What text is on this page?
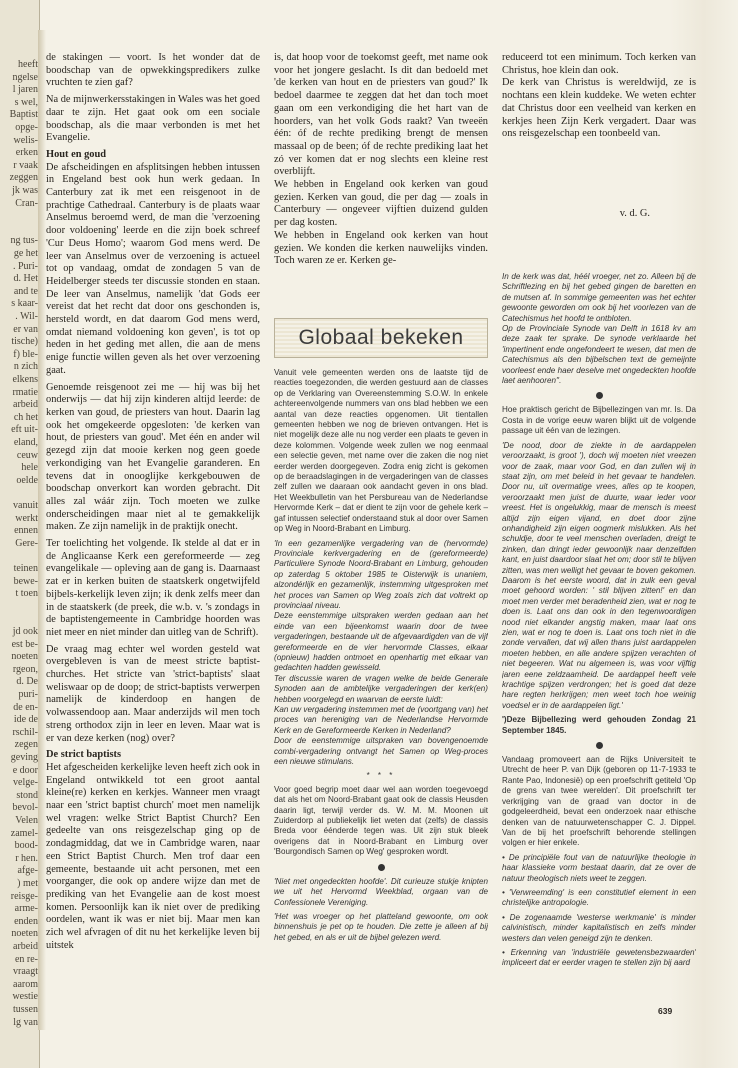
heeft
ngelse
l jaren
s wel,
Baptist
opge-
welis-
erken
r vaak
zeggen
jk was
Cran-
ng tus-
ge het
. Puri-
d. Het
and te
s kaar-
. Wil-
er van
tische)
f) ble-
n zich
elkens
rmatie
arbeid
ch het
eft uit-
eland,
ceuw
hele
oelde
vanuit
werkt
ennen
Gere-
teinen
bewe-
t toen
jd ook
est be-
noeten
rgeon,
d. De
puri-
de en-
ide de
rschil-
zegen
geving
e door
velge-
stond
bevol-
Velen
zamel-
bood-
r hen.
afge-
) met
reisge-
arme-
enden
noeten
arbeid
en re-
vraagt
aarom
westie
tussen
lg van

de stakingen — voort. Is het wonder dat de boodschap van de opwekkingspredikers zulke vruchten te zien gaf?

Na de mijnwerkersstakingen in Wales was het goed daar te zijn. Het gaat ook om een sociale boodschap, als die maar verbonden is met het Evangelie.

Hout en goud

De afscheidingen en afsplitsingen hebben intussen in Engeland best ook hun werk gedaan. In Canterbury zat ik met een reisgenoot in de prachtige Cathedraal. Canterbury is de plaats waar Anselmus beroemd werd, de man die 'verzoening door voldoening' leerde en die zijn boek schreef 'Cur Deus Homo'; waarom God mens werd. De leer van Anselmus over de verzoening is actueel tot op vandaag, omdat de zondagen 5 van de Heidelberger steeds ter discussie stonden en staan. De leer van Anselmus, namelijk 'dat Gods eer vereist dat het recht dat door ons geschonden is, hersteld wordt, en dat daarom God mens werd, omdat niemand voldoening kon geven', is tot op heden in het geding met allen, die aan de mens enige functie willen geven als het over verzoening gaat.

Genoemde reisgenoot zei me — hij was bij het onderwijs — dat hij zijn kinderen altijd leerde: de kerken van goud, de priesters van hout. Daarin lag ook het omgekeerde opgesloten: 'de kerken van hout, de priesters van goud'. Met één en ander wil gezegd zijn dat mooie kerken nog geen goede verkondiging van het Evangelie garanderen. En tevens dat in onooglijke kerkgebouwen de boodschap onverkort kan worden gebracht. Dit alles zal wáár zijn. Toch moeten we zulke onderscheidingen maar niet al te gemakkelijk maken. Ze zijn namelijk in de praktijk onecht.

Ter toelichting het volgende. Ik stelde al dat er in de Anglicaanse Kerk een gereformeerde — zeg evangelikale — opleving aan de gang is. Daarnaast zat er in kerken buiten de staatskerk ongetwijfeld bijbels-kerkelijk leven zijn; ik denk zelfs meer dan in de staatskerk (de preek, die w.b. v. 's zondags in de baptistengemeente in Cambridge hoorden was niet meer en niet minder dan uitleg van de Schrift).

De vraag mag echter wel worden gesteld wat overgebleven is van de meest stricte baptist-churches. Het stricte van 'strict-baptists' slaat weliswaar op de doop; de strict-baptists verwerpen namelijk de kinderdoop en hangen de volwassendoop aan. Maar anderzijds wil men toch streng orthodox zijn in leer en leven. Maar wat is er van deze kerken (nog) over?

De strict baptists

Het afgescheiden kerkelijke leven heeft zich ook in Engeland ontwikkeld tot een groot aantal kleine(re) kerken en kerkjes. Wanneer men vraagt naar een 'strict baptist church' moet men namelijk wel vragen: welke Strict Baptist Church? Een gedeelte van ons reisgezelschap ging op de zondagmiddag, dat we in Cambridge waren, naar een Strict Baptist Church. Men trof daar een gemeente, bestaande uit acht personen, met een voorganger, die ook op andere wijze dan met de prediking van het Evangelie aan de kost moest komen. Persoonlijk kan ik niet over de prediking oordelen, want ik was er niet bij. Maar men kan zich wel afvragen of dit nu het kerkelijke leven bij uitstek

is, dat hoop voor de toekomst geeft, met name ook voor het jongere geslacht. Is dit dan bedoeld met 'de kerken van hout en de priesters van goud?' Ik bedoel daarmee te zeggen dat het dan toch moet gaan om een verkondiging die het hart van de hoorders, van het volk Gods raakt? Van tweeën één: óf de rechte prediking brengt de mensen massaal op de been; óf de rechte prediking laat het zó ver komen dat er nog slechts een kleine rest overblijft.
We hebben in Engeland ook kerken van goud gezien. Kerken van goud, die per dag — zoals in Canterbury — ongeveer vijftien duizend gulden per dag kosten.
We hebben in Engeland ook kerken van hout gezien. We konden die kerken nauwelijks vinden. Toch waren ze er. Kerken ge-
reduceerd tot een minimum. Toch kerken van Christus, hoe klein dan ook.
De kerk van Christus is wereldwijd, ze is nochtans een klein kuddeke. We weten echter dat Christus door een veelheid van kerken en kerkjes heen Zijn Kerk vergadert. Daar was ons reisgezelschap een toonbeeld van.
v. d. G.
Globaal bekeken

Vanuit vele gemeenten werden ons de laatste tijd de reacties toegezonden, die werden gestuurd aan de classes op de Verklaring van Overeenstemming S.O.W. In enkele achtereenvolgende nummers van ons blad hebben we een aantal van deze reacties opgenomen. Uit tientallen gemeenten hebben we nog de brieven ontvangen. Het is niet mogelijk deze alle nu nog verder een plaats te geven in deze kolommen. Volgende week zullen we nog eenmaal een selectie geven, met name over die zaken die nog niet eerder werden doorgegeven. Zodra enig zicht is gekomen op de beraadslagingen in de vergaderingen van de classes zelf zullen we daaraan ook aandacht geven in ons blad. Het Weekbulletin van het Persbureau van de Nederlandse Hervormde Kerk – dat er dient te zijn voor de gehele kerk – gaf intussen selectief onderstaand stuk al door over Samen op Weg in Noord-Brabant en Limburg.

'In een gezamenlijke vergadering van de (hervormde) Provinciale kerkvergadering en de (gereformeerde) Particuliere Synode Noord-Brabant en Limburg, gehouden op zaterdag 5 oktober 1985 te Oisterwijk is unaniem, alzondérlijk en gezamenlijk, instemming uitgesproken met het proces van Samen op Weg zoals zich dat voltrekt op provinciaal niveau.
Deze eenstemmige uitspraken werden gedaan aan het einde van een bijeenkomst waarin door de twee vergaderingen, bestaande uit de afgevaardigden van de vijf gereformeerde en de vier hervormde Classes, elkaar (opnieuw) hadden ontmoet en openhartig met elkaar van gedachten hadden gewisseld.
Ter discussie waren de vragen welke de beide Generale Synoden aan de ambtelijke vergaderingen der kerk(en) hebben voorgelegd en waarvan de eerste luidt:
Kan uw vergadering instemmen met de (voortgang van) het proces van hereniging van de Nederlandse Hervormde Kerk en de Gereformeerde Kerken in Nederland?
Door de eenstemmige uitspraken van bovengenoemde combi-vergadering ontvangt het Samen op Weg-proces een nieuwe stimulans.

* * *

Voor goed begrip moet daar wel aan worden toegevoegd dat als het om Noord-Brabant gaat ook de classis Heusden daarin ligt, terwijl verder ds. W. M. M. Moonen uit Zuiderdorp al publiekelijk liet weten dat (zelfs) de classis Breda voor éénderde tegen was. Uit zijn stuk bleek overigens dat in Noord-Brabant en Limburg over 'Bourgondisch Samen op Weg' gesproken wordt.

'Niet met ongedeckten hoofde'. Dit curieuze stukje knipten we uit het Hervormd Weekblad, orgaan van de Confessionele Vereniging.

'Het was vroeger op het platteland gewoonte, om ook binnenshuis je pet op te houden. Die zette je alleen af bij het gebed, en als er uit de bijbel gelezen werd.

In de kerk was dat, héél vroeger, net zo. Alleen bij de Schriftlezing en bij het gebed gingen de baretten en de mutsen af. In sommige gemeenten was het echter gewoonte geworden om ook bij het voorlezen van de Catechismus het hoofd te ontbloten.
Op de Provinciale Synode van Delft in 1618 kv am deze zaak ter sprake. De synode verklaarde het 'impertinent ende ongefondeert te wesen, dat men de Catechismus als den bijbelschen text de gemeijnte voorleest ende haer deselve met ongedeckten hoofde laet aenhooren''.

Hoe praktisch gericht de Bijbellezingen van mr. Is. Da Costa in de vorige eeuw waren blijkt uit de volgende passage uit één van de lezingen.

'De nood, door de ziekte in de aardappelen veroorzaakt, is groot '), doch wij moeten niet vreezen voor de zaak, maar voor God, en dan zullen wij in staat zijn, om met beleid in het gevaar te handelen. Door nu, uit overmatige vrees, alles op te koopen, veroorzaakt men juist de duurte, waar ieder voor vreest. Het is ongelukkig, maar de mensch is meest altijd zijn eigen vijand, en doet door zijne onhandigheid zijn eigen oogmerk mislukken. Als het schuldje, door te veel menschen overladen, dreigt te zinken, dan dringt ieder gewoonlijk naar denzelfden kant, en juist daardoor slaat het om; door stil te blijven zitten, was men welligt het gevaar te boven gekomen. Daarom is het eerste woord, dat in zulk een geval moet gehoord worden: ' stil blijven zitten!' en dan moet men verder met beradenheid zien, wat er nog te doen is. Laat ons dan ook in den tegenwoordigen nood niet elkander angstig maken, maar laat ons zien, wat er nog te doen is. Laat ons toch niet in die zonde vervallen, dat wij allen thans juist aardappelen moeten hebben, en alle andere spijzen verachten of niet begeeren. Wat nu algemeen is, was voor vijftig jaren eene zeldzaamheid. De aardappel heeft vele krachtige spijzen verdrongen; het is goed dat deze hare regten herkrijgen; men weet toch hoe weinig voedsel er in de aardappelen ligt.'

')Deze Bijbellezing werd gehouden Zondag 21 September 1845.

Vandaag promoveert aan de Rijks Universiteit te Utrecht de heer P. van Dijk (geboren op 11-7-1933 te Rante Pao, Indonesië) op een proefschrift getiteld 'Op de grens van twee werelden'. Dit proefschrift ter verkrijging van de graad van doctor in de godgeleerdheid, bevat een onderzoek naar ethische denken van de natuurwetenschapper C. J. Dippel. Van de bij het proefschrift behorende stellingen volgen er hier enkele.

• De principiële fout van de natuurlijke theologie in haar klassieke vorm bestaat daarin, dat ze over de natuur theologisch niets weet te zeggen.

• 'Verwreemding' is een constitutief element in een christelijke antropologie.

• De zogenaamde 'westerse werkmanie' is minder calvinistisch, minder kapitalistisch en zelfs minder westers dan velen geneigd zijn te denken.

• Erkenning van 'industriële gewetensbezwaarden' impliceert dat er eerder vragen te stellen zijn bij aard

639
